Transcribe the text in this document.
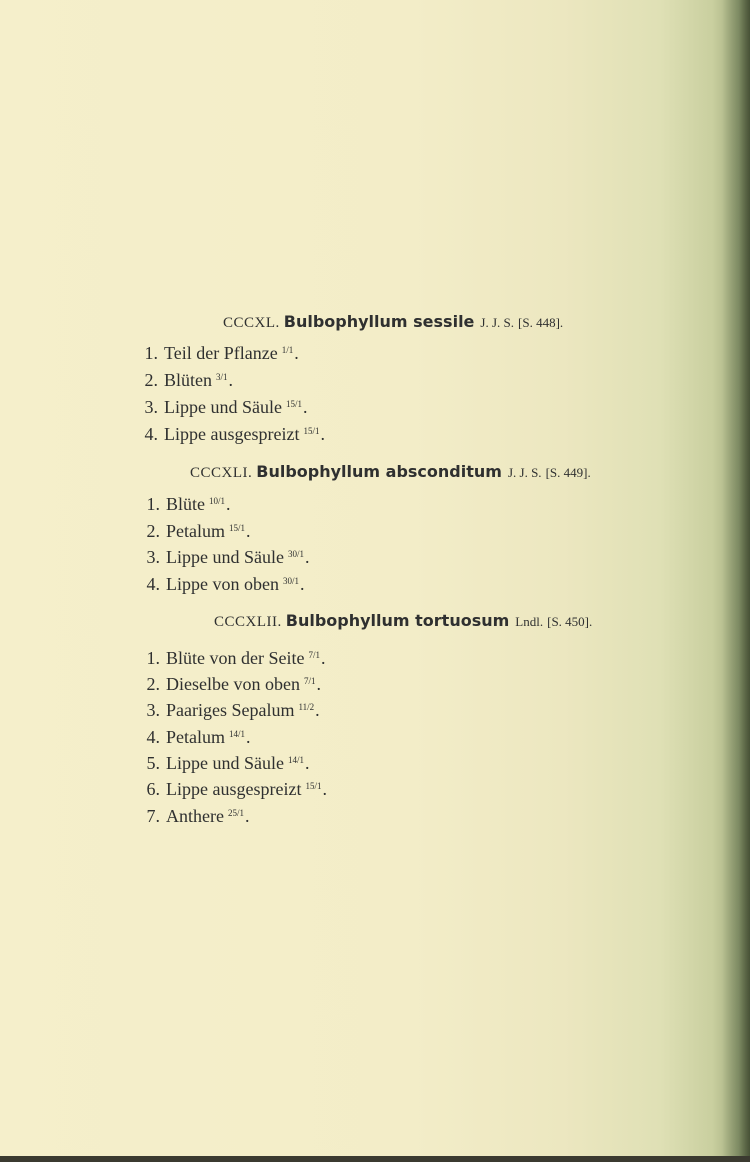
CCCXL. Bulbophyllum sessile J. J. S. [S. 448].
1. Teil der Pflanze $^{1/1}$.
2. Blüten $^{3/1}$.
3. Lippe und Säule $^{15/1}$.
4. Lippe ausgespreizt $^{15/1}$.
CCCXLI. Bulbophyllum absconditum J. J. S. [S. 449].
1. Blüte $^{10/1}$.
2. Petalum $^{15/1}$.
3. Lippe und Säule $^{30/1}$.
4. Lippe von oben $^{30/1}$.
CCCXLII. Bulbophyllum tortuosum Lndl. [S. 450].
1. Blüte von der Seite $^{7/1}$.
2. Dieselbe von oben $^{7/1}$.
3. Paariges Sepalum $^{11/2}$.
4. Petalum $^{14/1}$.
5. Lippe und Säule $^{14/1}$.
6. Lippe ausgespreizt $^{15/1}$.
7. Anthere $^{25/1}$.
